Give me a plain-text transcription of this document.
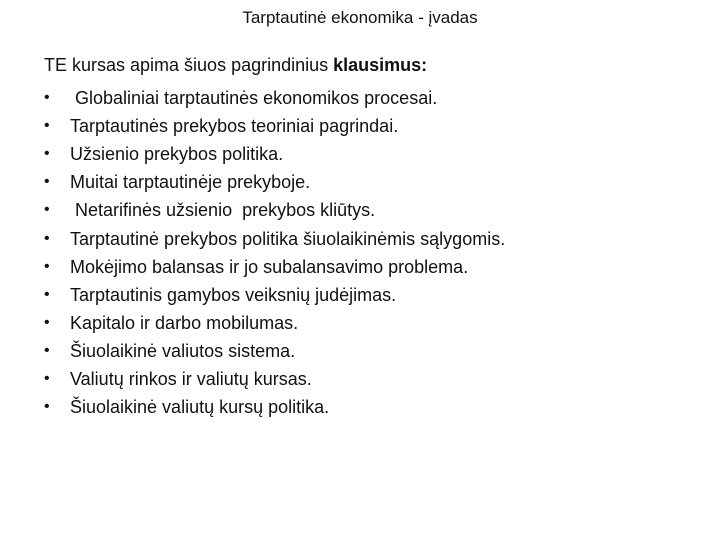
Tarptautinė ekonomika - įvadas

TE kursas apima šiuos pagrindinius klausimus:

•	Globaliniai tarptautinės ekonomikos procesai.
•	Tarptautinės prekybos teoriniai pagrindai.
•	Užsienio prekybos politika.
•	Muitai tarptautinėje prekyboje.
•	Netarifinės užsienio  prekybos kliūtys.
•	Tarptautinė prekybos politika šiuolaikinėmis sąlygomis.
•	Mokėjimo balansas ir jo subalansavimo problema.
•	Tarptautinis gamybos veiksnių judėjimas.
•	Kapitalo ir darbo mobilumas.
•	Šiuolaikinė valiutos sistema.
•	Valiutų rinkos ir valiutų kursas.
•	Šiuolaikinė valiutų kursų politika.
